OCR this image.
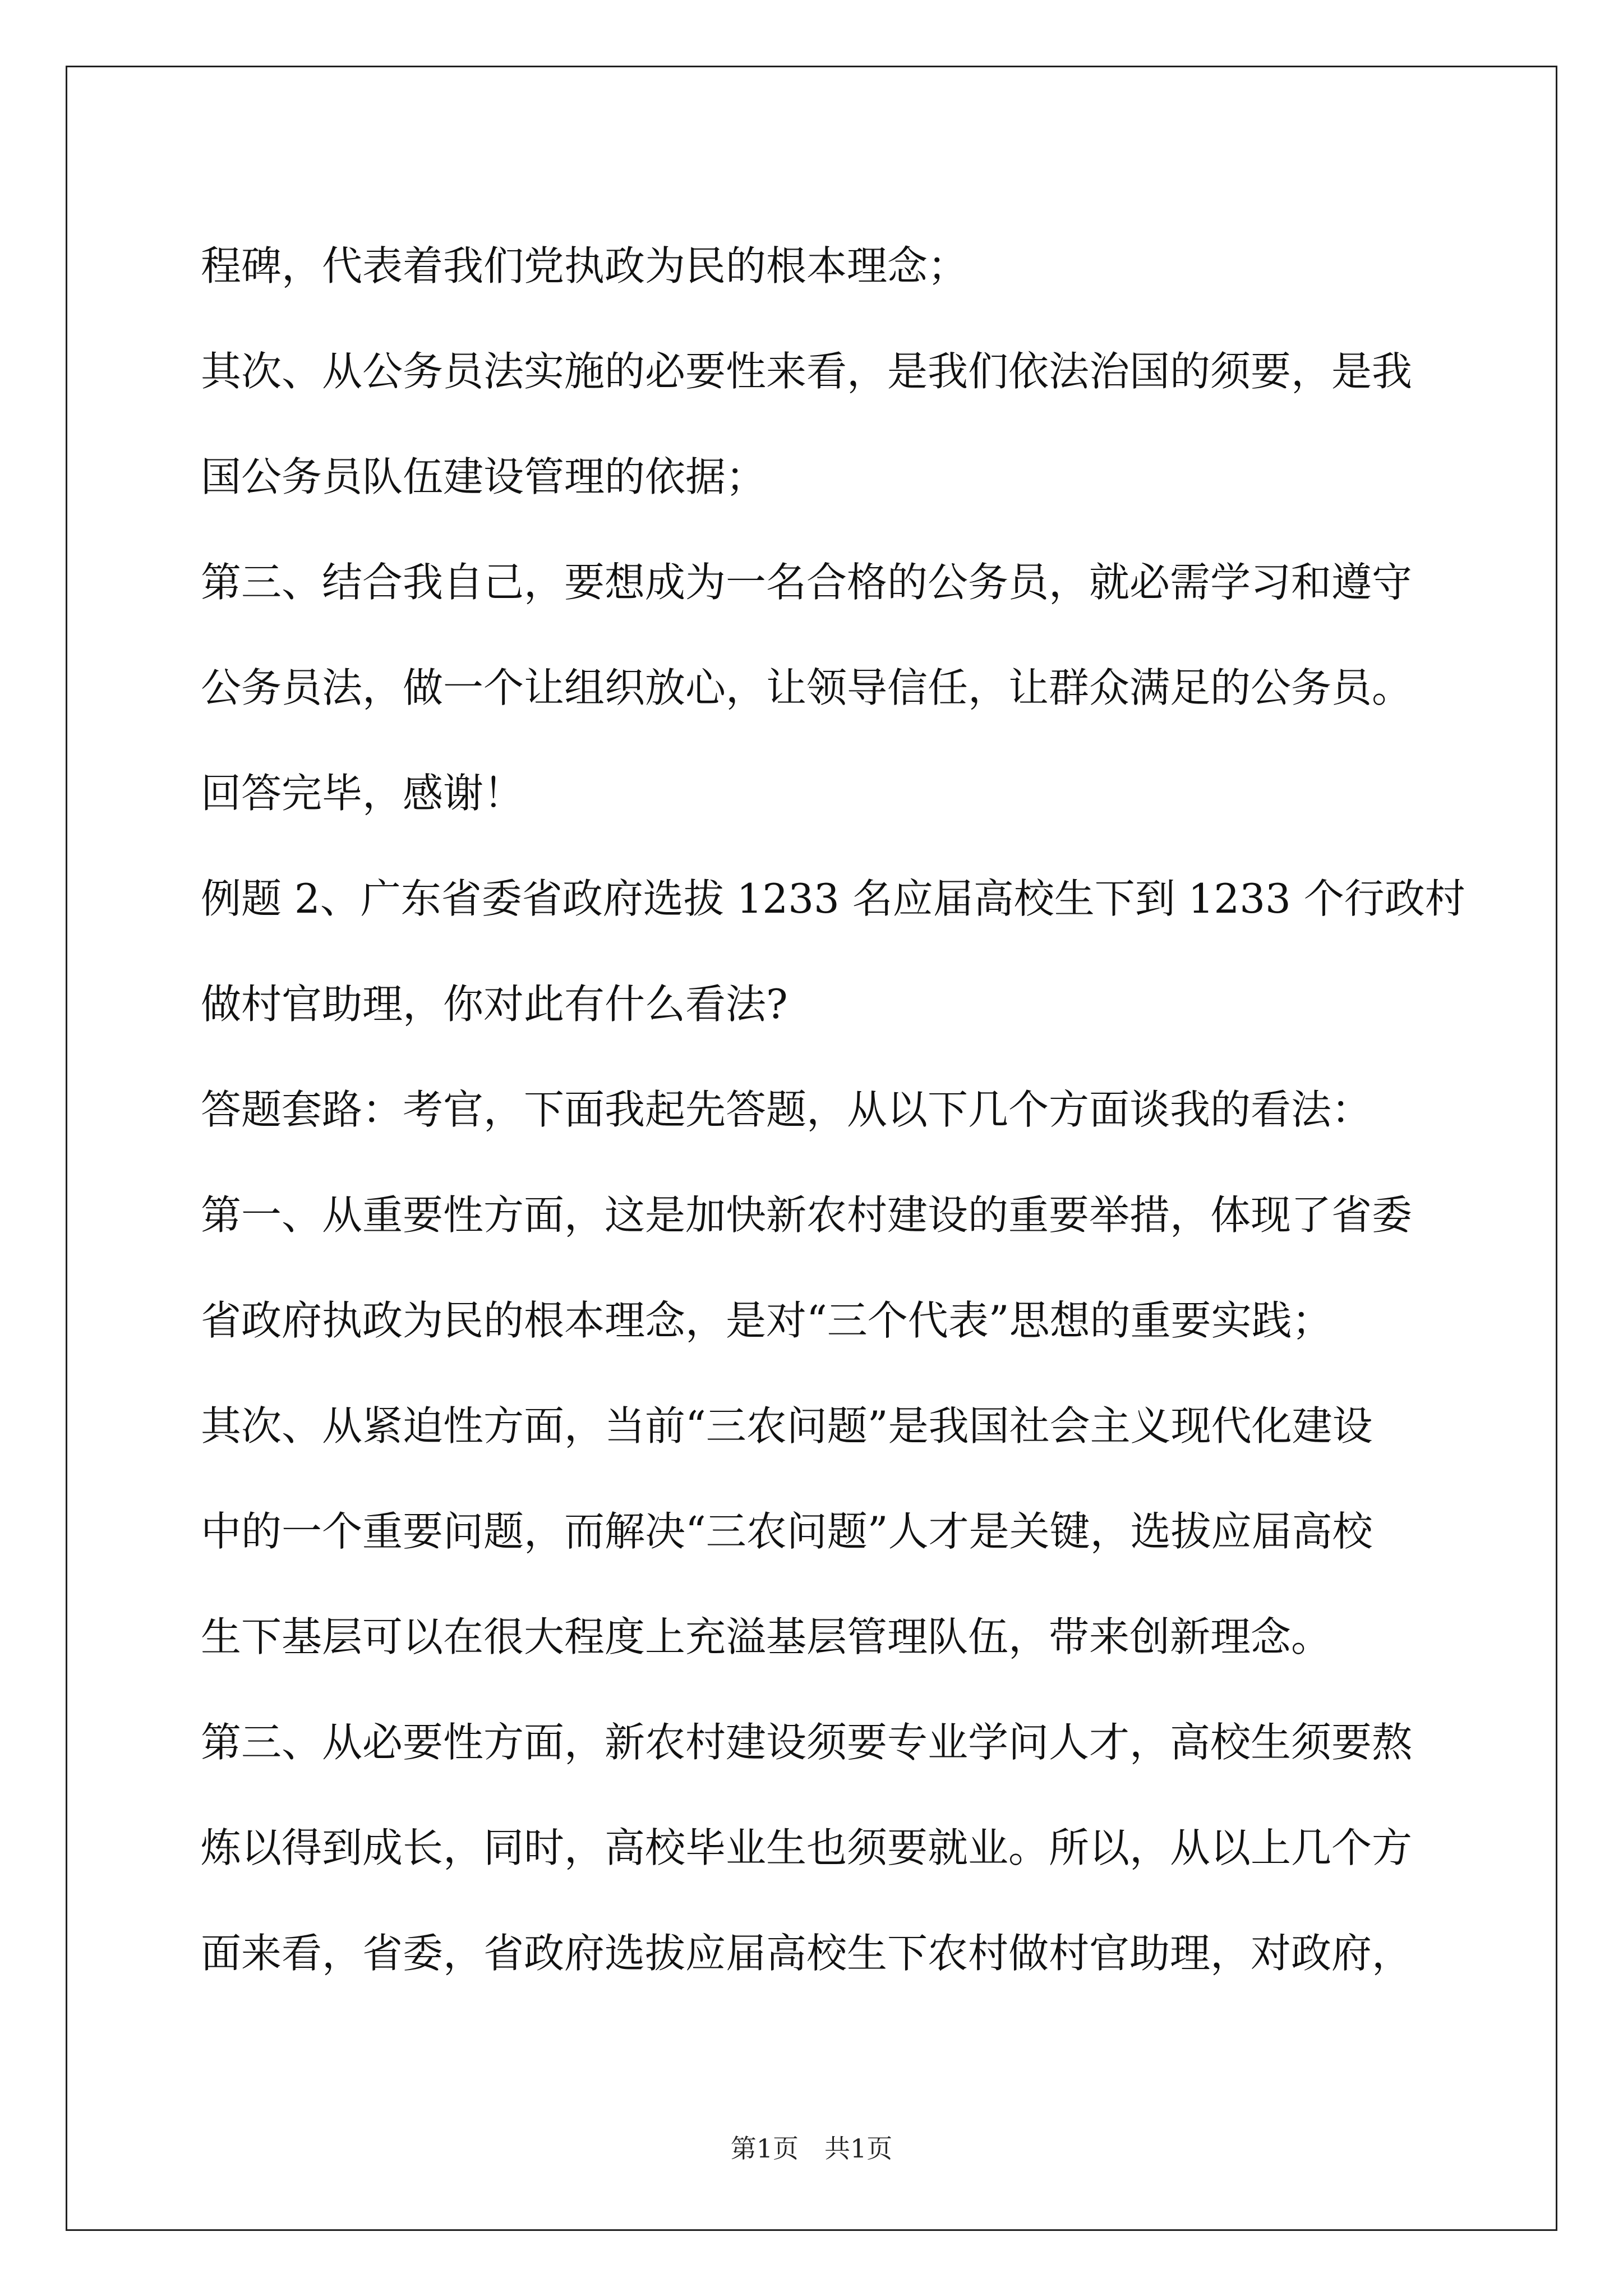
程碑，代表着我们党执政为民的根本理念；

其次、从公务员法实施的必要性来看，是我们依法治国的须要，是我

国公务员队伍建设管理的依据；

第三、结合我自己，要想成为一名合格的公务员，就必需学习和遵守

公务员法，做一个让组织放心，让领导信任，让群众满足的公务员。

回答完毕，感谢！

例题 2、广东省委省政府选拔 1233 名应届高校生下到 1233 个行政村

做村官助理，你对此有什么看法?

答题套路：考官，下面我起先答题，从以下几个方面谈我的看法：

第一、从重要性方面，这是加快新农村建设的重要举措，体现了省委

省政府执政为民的根本理念，是对“三个代表”思想的重要实践；

其次、从紧迫性方面，当前“三农问题”是我国社会主义现代化建设

中的一个重要问题，而解决“三农问题”人才是关键，选拔应届高校

生下基层可以在很大程度上充溢基层管理队伍，带来创新理念。

第三、从必要性方面，新农村建设须要专业学问人才，高校生须要熬

炼以得到成长，同时，高校毕业生也须要就业。所以，从以上几个方

面来看，省委，省政府选拔应届高校生下农村做村官助理，对政府，

第1页　共1页
